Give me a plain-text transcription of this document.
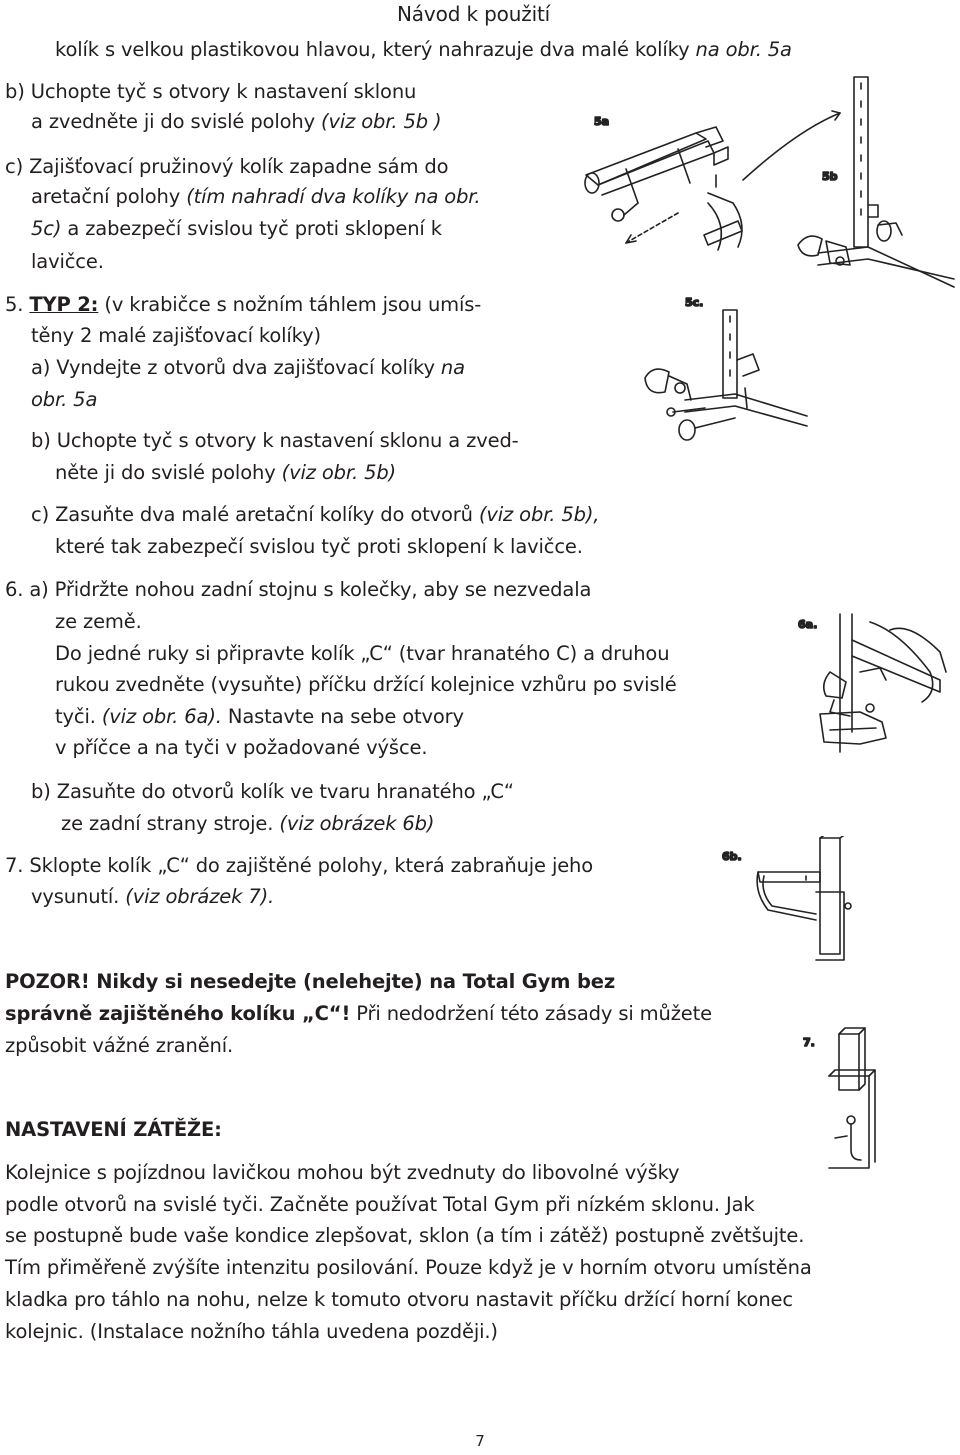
Návod k použití
kolík s velkou plastikovou hlavou, který nahrazuje dva malé kolíky na obr. 5a
b) Uchopte tyč s otvory k nastavení sklonu
a zvedněte ji do svislé polohy (viz obr. 5b )
c) Zajišťovací pružinový kolík zapadne sám do
aretační polohy (tím nahradí dva kolíky na obr.
5c) a zabezpečí svislou tyč proti sklopení k
lavičce.
5. TYP 2: (v krabičce s nožním táhlem jsou umís-
těny 2 malé zajišťovací kolíky)
a) Vyndejte z otvorů dva zajišťovací kolíky na
obr. 5a
b) Uchopte tyč s otvory k nastavení sklonu a zved-
něte ji do svislé polohy (viz obr. 5b)
c) Zasuňte dva malé aretační kolíky do otvorů (viz obr. 5b),
které tak zabezpečí svislou tyč proti sklopení k lavičce.
6. a) Přidržte nohou zadní stojnu s kolečky, aby se nezvedala
ze země.
Do jedné ruky si připravte kolík „C“ (tvar hranatého C) a druhou
rukou zvedněte (vysuňte) příčku držící kolejnice vzhůru po svislé
tyči. (viz obr. 6a). Nastavte na sebe otvory
v příčce a na tyči v požadované výšce.
b) Zasuňte do otvorů kolík ve tvaru hranatého „C“
ze zadní strany stroje. (viz obrázek 6b)
7. Sklopte kolík „C“ do zajištěné polohy, která zabraňuje jeho
vysunutí. (viz obrázek 7).
POZOR! Nikdy si nesedejte (nelehejte) na Total Gym bez
správně zajištěného kolíku „C“! Při nedodržení této zásady si můžete
způsobit vážné zranění.
NASTAVENÍ ZÁTĚŽE:
Kolejnice s pojízdnou lavičkou mohou být zvednuty do libovolné výšky
podle otvorů na svislé tyči. Začněte používat Total Gym při nízkém sklonu. Jak
se postupně bude vaše kondice zlepšovat, sklon (a tím i zátěž) postupně zvětšujte.
Tím přiměřeně zvýšíte intenzitu posilování. Pouze když je v horním otvoru umístěna
kladka pro táhlo na nohu, nelze k tomuto otvoru nastavit příčku držící horní konec
kolejnic. (Instalace nožního táhla uvedena později.)
5a
5b
5c.
6a.
6b.
7.
7
